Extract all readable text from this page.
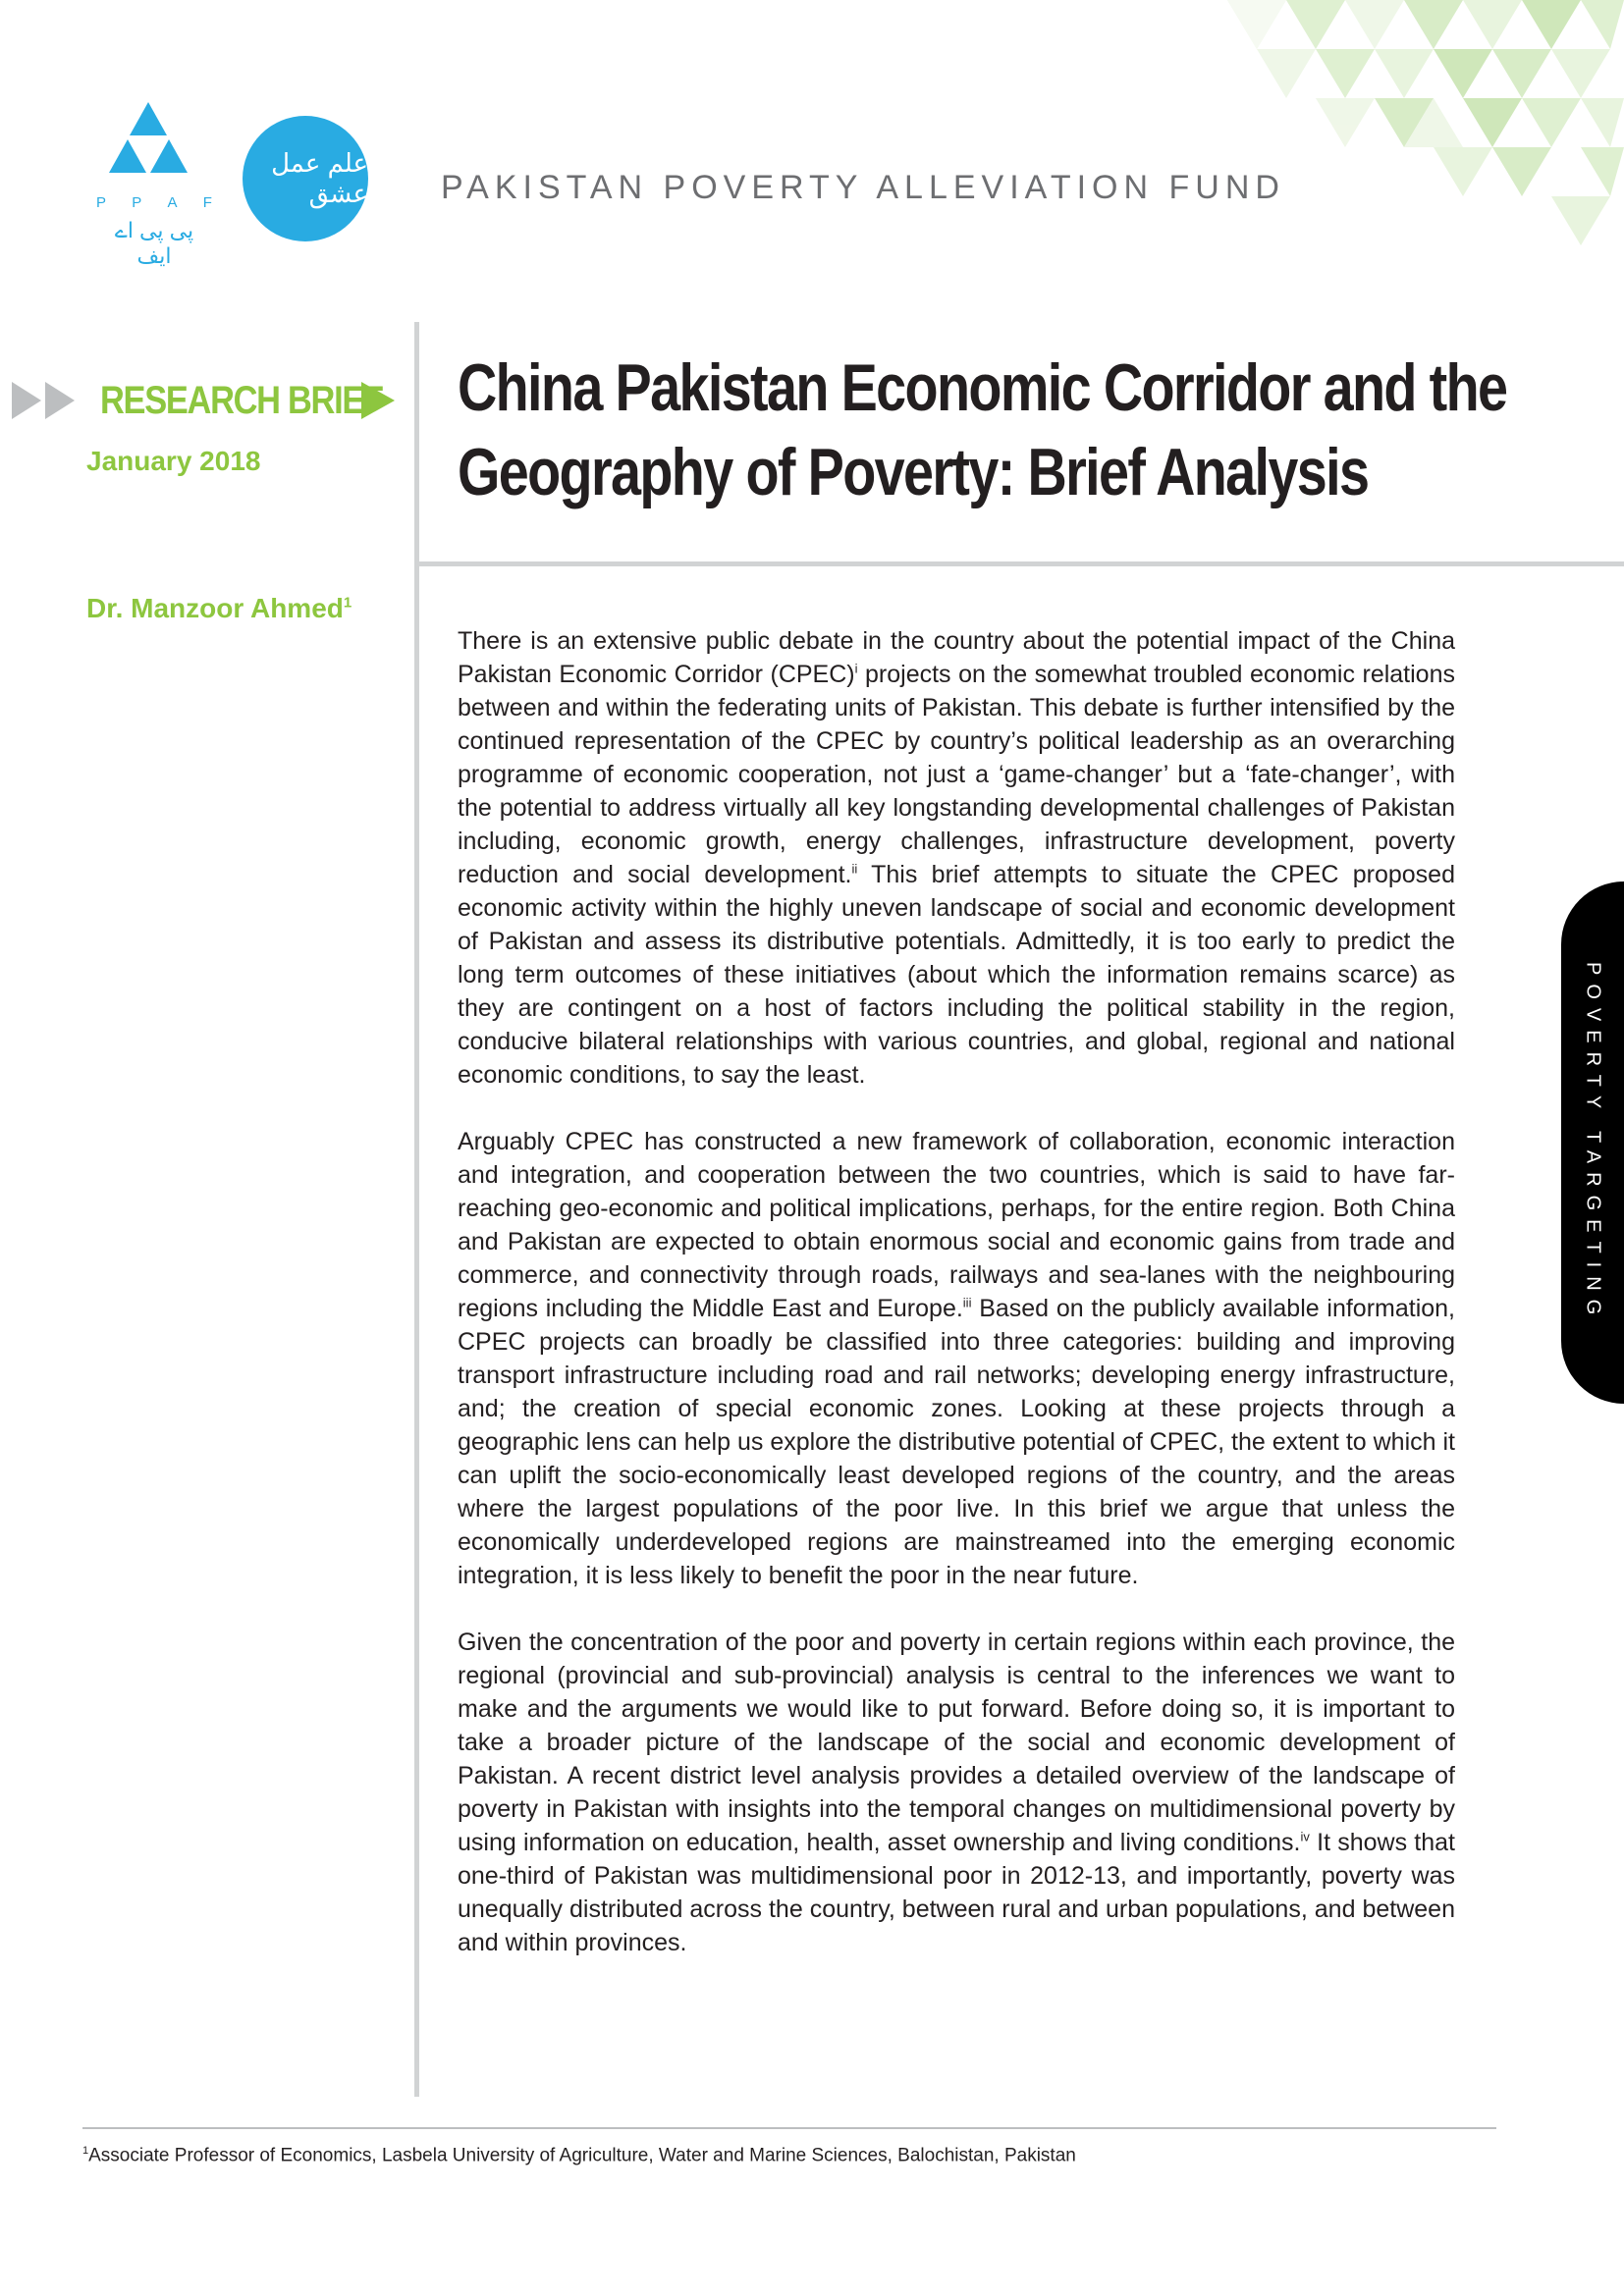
P P A F
پی پی اے ایف
علم عمل عشق PAKISTAN POVERTY ALLEVIATION FUND
RESEARCH BRIEF
January 2018
Dr. Manzoor Ahmed$^1$
China Pakistan Economic Corridor and the
Geography of Poverty: Brief Analysis

There is an extensive public debate in the country about the potential impact of the China Pakistan Economic Corridor (CPEC)$^i$ projects on the somewhat troubled economic relations between and within the federating units of Pakistan. This debate is further intensified by the continued representation of the CPEC by country’s political leadership as an overarching programme of economic cooperation, not just a ‘game-changer’ but a ‘fate-changer’, with the potential to address virtually all key longstanding developmental challenges of Pakistan including, economic growth, energy challenges, infrastructure development, poverty reduction and social development.$^{ii}$ This brief attempts to situate the CPEC proposed economic activity within the highly uneven landscape of social and economic development of Pakistan and assess its distributive potentials. Admittedly, it is too early to predict the long term outcomes of these initiatives (about which the information remains scarce) as they are contingent on a host of factors including the political stability in the region, conducive bilateral relationships with various countries, and global, regional and national economic conditions, to say the least.

Arguably CPEC has constructed a new framework of collaboration, economic interaction and integration, and cooperation between the two countries, which is said to have far-reaching geo-economic and political implications, perhaps, for the entire region. Both China and Pakistan are expected to obtain enormous social and economic gains from trade and commerce, and connectivity through roads, railways and sea-lanes with the neighbouring regions including the Middle East and Europe.$^{iii}$ Based on the publicly available information, CPEC projects can broadly be classified into three categories: building and improving transport infrastructure including road and rail networks; developing energy infrastructure, and; the creation of special economic zones. Looking at these projects through a geographic lens can help us explore the distributive potential of CPEC, the extent to which it can uplift the socio-economically least developed regions of the country, and the areas where the largest populations of the poor live. In this brief we argue that unless the economically underdeveloped regions are mainstreamed into the emerging economic integration, it is less likely to benefit the poor in the near future.

Given the concentration of the poor and poverty in certain regions within each province, the regional (provincial and sub-provincial) analysis is central to the inferences we want to make and the arguments we would like to put forward. Before doing so, it is important to take a broader picture of the landscape of the social and economic development of Pakistan. A recent district level analysis provides a detailed overview of the landscape of poverty in Pakistan with insights into the temporal changes on multidimensional poverty by using information on education, health, asset ownership and living conditions.$^{iv}$ It shows that one-third of Pakistan was multidimensional poor in 2012-13, and importantly, poverty was unequally distributed across the country, between rural and urban populations, and between and within provinces.

POVERTY TARGETING
$^1$Associate Professor of Economics, Lasbela University of Agriculture, Water and Marine Sciences, Balochistan, Pakistan
